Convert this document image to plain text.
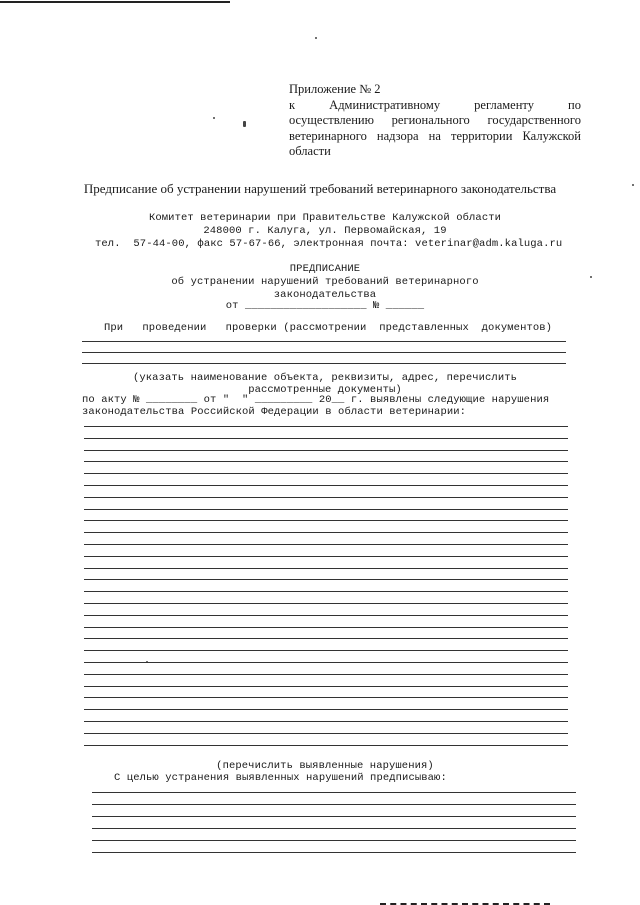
Приложение № 2
к      Административному      регламенту      по
осуществлению    регионального    государственного
ветеринарного надзора на территории Калужской
области
Предписание об устранении нарушений требований ветеринарного законодательства
Комитет ветеринарии при Правительстве Калужской области
248000 г. Калуга, ул. Первомайская, 19
тел.  57-44-00, факс 57-67-66, электронная почта: veterinar@adm.kaluga.ru
ПРЕДПИСАНИЕ
об устранении нарушений требований ветеринарного
законодательства
от ___________________ № ______
При   проведении   проверки (рассмотрении  представленных  документов)
(указать наименование объекта, реквизиты, адрес, перечислить
рассмотренные документы)
по акту № ________ от "  " _________ 20__ г. выявлены следующие нарушения
законодательства Российской Федерации в области ветеринарии:
(перечислить выявленные нарушения)
С целью устранения выявленных нарушений предписываю:
